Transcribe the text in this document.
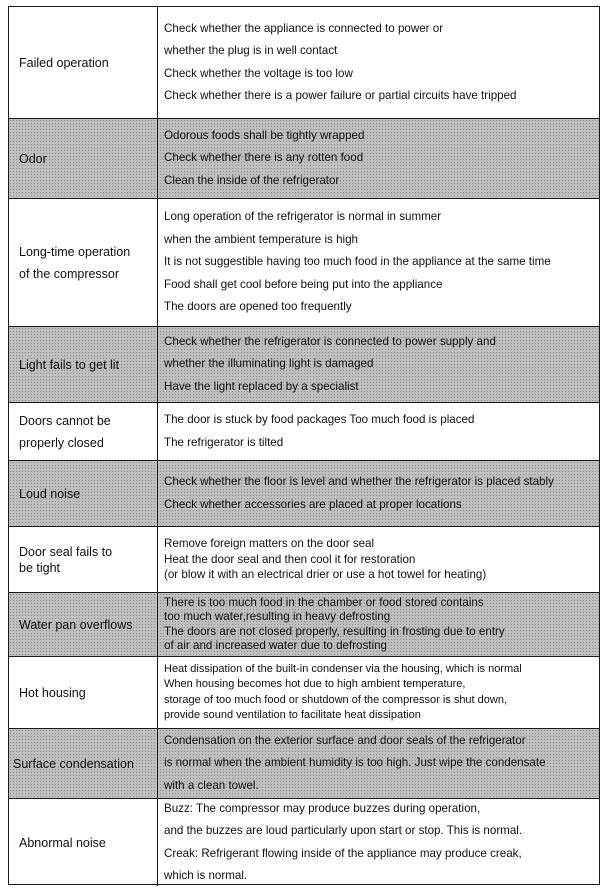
Failed operation
Check whether the appliance is connected to power or
whether the plug is in well contact
Check whether the voltage is too low
Check whether there is a power failure or partial circuits have tripped
Odor
Odorous foods shall be tightly wrapped
Check whether there is any rotten food
Clean the inside of the refrigerator
Long-time operation
of the compressor
Long operation of the refrigerator is normal in summer
when the ambient temperature is high
It is not suggestible having too much food in the appliance at the same time
Food shall get cool before being put into the appliance
The doors are opened too frequently
Light fails to get lit
Check whether the refrigerator is connected to power supply and
whether the illuminating light is damaged
Have the light replaced by a specialist
Doors cannot be
properly closed
The door is stuck by food packages Too much food is placed
The refrigerator is tilted
Loud noise
Check whether the floor is level and whether the refrigerator is placed stably
Check whether accessories are placed at proper locations
Door seal fails to
be tight
Remove foreign matters on the door seal
Heat the door seal and then cool it for restoration
(or blow it with an electrical drier or use a hot towel for heating)
Water pan overflows
There is too much food in the chamber or food stored contains
too much water,resulting in heavy defrosting
The doors are not closed properly, resulting in frosting due to entry
of air and increased water due to defrosting
Hot housing
Heat dissipation of the built-in condenser via the housing, which is normal
When housing becomes hot due to high ambient temperature,
storage of too much food or shutdown of the compressor is shut down,
provide sound ventilation to facilitate heat dissipation
Surface condensation
Condensation on the exterior surface and door seals of the refrigerator
is normal when the ambient humidity is too high. Just wipe the condensate
with a clean towel.
Abnormal noise
Buzz: The compressor may produce buzzes during operation,
and the buzzes are loud particularly upon start or stop. This is normal.
Creak: Refrigerant flowing inside of the appliance may produce creak,
which is normal.
